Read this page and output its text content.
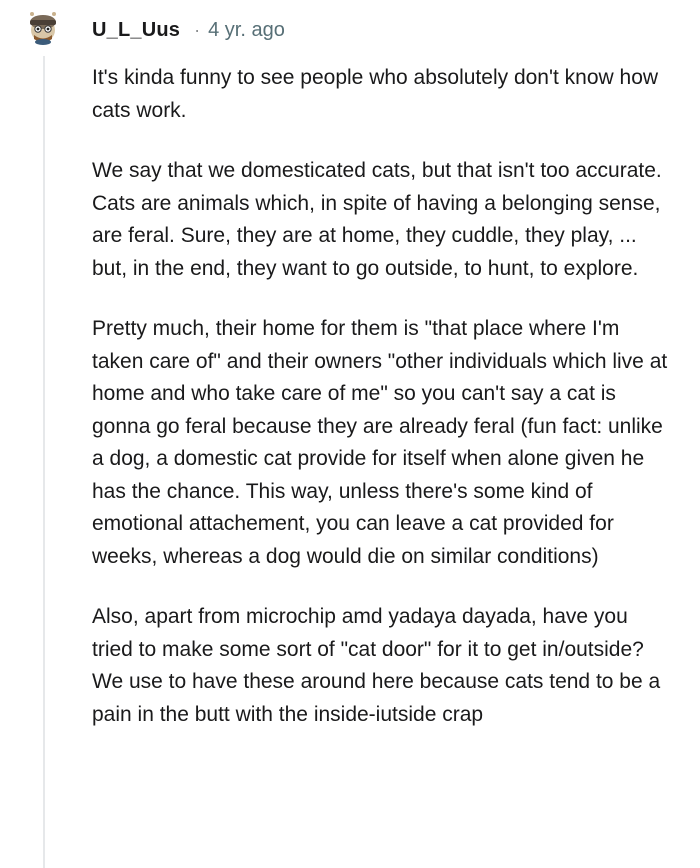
U_L_Uus · 4 yr. ago

It's kinda funny to see people who absolutely don't know how cats work.

We say that we domesticated cats, but that isn't too accurate. Cats are animals which, in spite of having a belonging sense, are feral. Sure, they are at home, they cuddle, they play, ... but, in the end, they want to go outside, to hunt, to explore.

Pretty much, their home for them is "that place where I'm taken care of" and their owners "other individuals which live at home and who take care of me" so you can't say a cat is gonna go feral because they are already feral (fun fact: unlike a dog, a domestic cat provide for itself when alone given he has the chance. This way, unless there's some kind of emotional attachement, you can leave a cat provided for weeks, whereas a dog would die on similar conditions)

Also, apart from microchip amd yadaya dayada, have you tried to make some sort of "cat door" for it to get in/outside? We use to have these around here because cats tend to be a pain in the butt with the inside-iutside crap
